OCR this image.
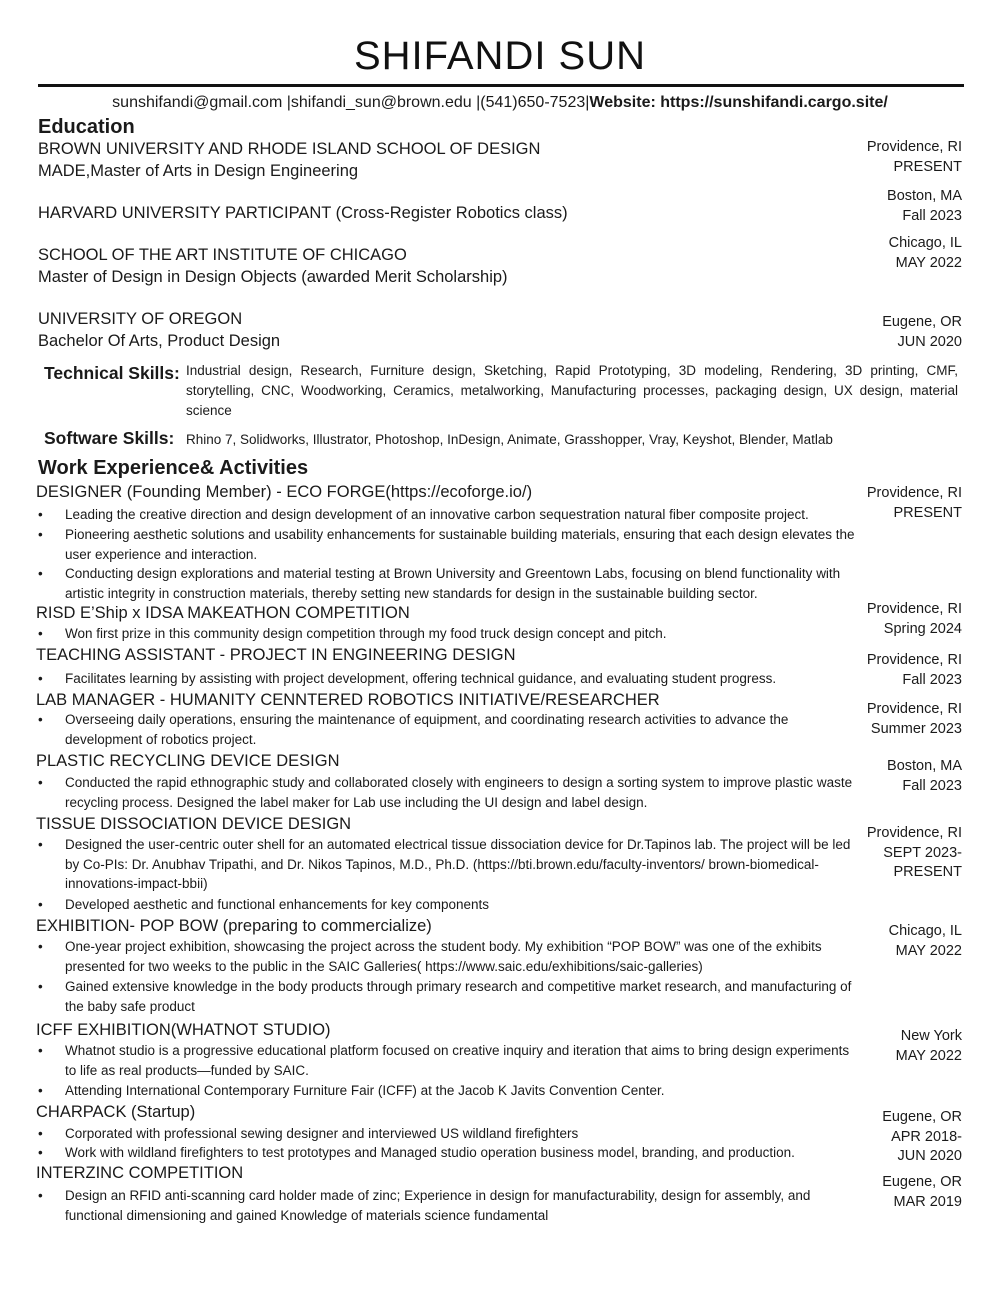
SHIFANDI SUN
sunshifandi@gmail.com |shifandi_sun@brown.edu |(541)650-7523|Website: https://sunshifandi.cargo.site/
Education
BROWN UNIVERSITY AND RHODE ISLAND SCHOOL OF DESIGN
MADE,Master of Arts in Design Engineering
Providence, RI
PRESENT
HARVARD UNIVERSITY PARTICIPANT (Cross-Register Robotics class)
Boston, MA
Fall 2023
SCHOOL OF THE ART INSTITUTE OF CHICAGO
Master of Design in Design Objects (awarded Merit Scholarship)
Chicago, IL
MAY 2022
UNIVERSITY OF OREGON
Bachelor Of Arts, Product Design
Eugene, OR
JUN 2020
Technical Skills: Industrial design, Research, Furniture design, Sketching, Rapid Prototyping, 3D modeling, Rendering, 3D printing, CMF, storytelling, CNC, Woodworking, Ceramics, metalworking, Manufacturing processes, packaging design, UX design, material science
Software Skills: Rhino 7, Solidworks, Illustrator, Photoshop, InDesign, Animate, Grasshopper, Vray, Keyshot, Blender, Matlab
Work Experience& Activities
DESIGNER (Founding Member) - ECO FORGE(https://ecoforge.io/)	Providence, RI
PRESENT
• Leading the creative direction and design development of an innovative carbon sequestration natural fiber composite project.
• Pioneering aesthetic solutions and usability enhancements for sustainable building materials, ensuring that each design elevates the user experience and interaction.
• Conducting design explorations and material testing at Brown University and Greentown Labs, focusing on blend functionality with artistic integrity in construction materials, thereby setting new standards for design in the sustainable building sector.
RISD E’Ship x IDSA MAKEATHON COMPETITION	Providence, RI
Spring 2024
• Won first prize in this community design competition through my food truck design concept and pitch.
TEACHING ASSISTANT - PROJECT IN ENGINEERING DESIGN	Providence, RI
Fall 2023
• Facilitates learning by assisting with project development, offering technical guidance, and evaluating student progress.
LAB MANAGER - HUMANITY CENNTERED ROBOTICS INITIATIVE/RESEARCHER	Providence, RI
Summer 2023
• Overseeing daily operations, ensuring the maintenance of equipment, and coordinating research activities to advance the development of robotics project.
PLASTIC RECYCLING DEVICE DESIGN	Boston, MA
Fall 2023
• Conducted the rapid ethnographic study and collaborated closely with engineers to design a sorting system to improve plastic waste recycling process. Designed the label maker for Lab use including the UI design and label design.
TISSUE DISSOCIATION DEVICE DESIGN	Providence, RI
SEPT 2023-
PRESENT
• Designed the user-centric outer shell for an automated electrical tissue dissociation device for Dr.Tapinos lab. The project will be led by Co-PIs: Dr. Anubhav Tripathi, and Dr. Nikos Tapinos, M.D., Ph.D. (https://bti.brown.edu/faculty-inventors/ brown-biomedical-innovations-impact-bbii)
• Developed aesthetic and functional enhancements for key components
EXHIBITION- POP BOW (preparing to commercialize)	Chicago, IL
MAY 2022
• One-year project exhibition, showcasing the project across the student body. My exhibition “POP BOW” was one of the exhibits presented for two weeks to the public in the SAIC Galleries( https://www.saic.edu/exhibitions/saic-galleries)
• Gained extensive knowledge in the body products through primary research and competitive market research, and manufacturing of the baby safe product
ICFF EXHIBITION(WHATNOT STUDIO)	New York
MAY 2022
• Whatnot studio is a progressive educational platform focused on creative inquiry and iteration that aims to bring design experiments to life as real products—funded by SAIC.
• Attending International Contemporary Furniture Fair (ICFF) at the Jacob K Javits Convention Center.
CHARPACK (Startup)	Eugene, OR
APR 2018-
JUN 2020
• Corporated with professional sewing designer and interviewed US wildland firefighters
• Work with wildland firefighters to test prototypes and Managed studio operation business model, branding, and production.
INTERZINC COMPETITION	Eugene, OR
MAR 2019
• Design an RFID anti-scanning card holder made of zinc; Experience in design for manufacturability, design for assembly, and functional dimensioning and gained Knowledge of materials science fundamental
